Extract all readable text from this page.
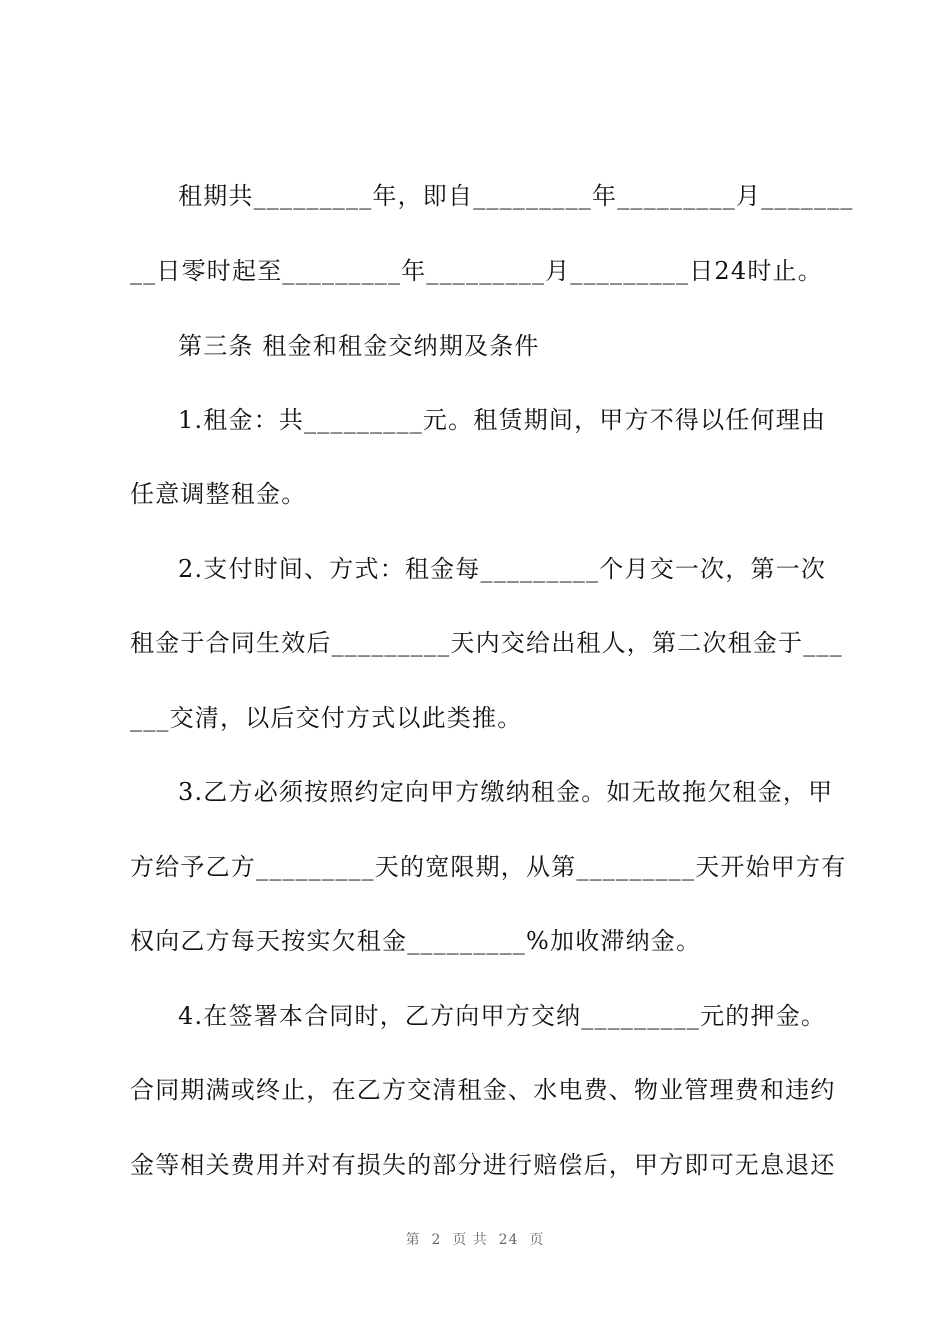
租期共_________年，即自_________年_________月_______
__日零时起至_________年_________月_________日24时止。
第三条 租金和租金交纳期及条件
1.租金：共_________元。租赁期间，甲方不得以任何理由
任意调整租金。
2.支付时间、方式：租金每_________个月交一次，第一次
租金于合同生效后_________天内交给出租人，第二次租金于___
___交清，以后交付方式以此类推。
3.乙方必须按照约定向甲方缴纳租金。如无故拖欠租金，甲
方给予乙方_________天的宽限期，从第_________天开始甲方有
权向乙方每天按实欠租金_________%加收滞纳金。
4.在签署本合同时，乙方向甲方交纳_________元的押金。
合同期满或终止，在乙方交清租金、水电费、物业管理费和违约
金等相关费用并对有损失的部分进行赔偿后，甲方即可无息退还
第  2  页 共  24  页
